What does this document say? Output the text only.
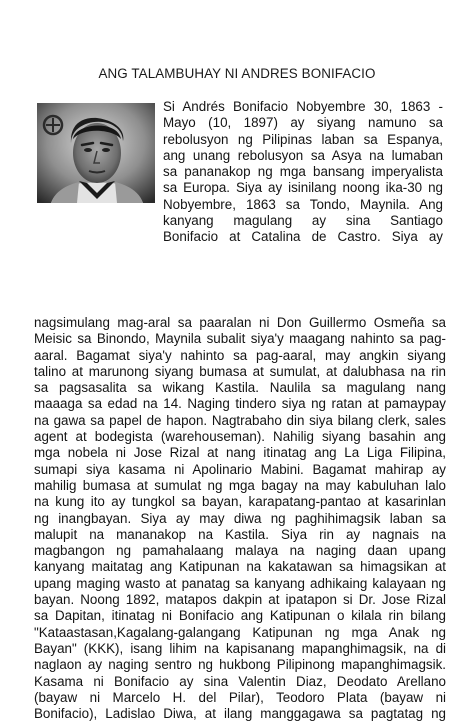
ANG TALAMBUHAY NI ANDRES BONIFACIO
Si Andrés Bonifacio Nobyembre 30, 1863 -
Mayo (10, 1897) ay siyang namuno sa
rebolusyon ng Pilipinas laban sa Espanya,
ang unang rebolusyon sa Asya na lumaban
sa pananakop ng mga bansang imperyalista
sa Europa. Siya ay isinilang noong ika-30 ng
Nobyembre, 1863 sa Tondo, Maynila. Ang
kanyang magulang ay sina Santiago
Bonifacio at Catalina de Castro. Siya ay
nagsimulang mag-aral sa paaralan ni Don Guillermo Osmeña sa
Meisic sa Binondo, Maynila subalit siya'y maagang nahinto sa pag-
aaral. Bagamat siya'y nahinto sa pag-aaral, may angkin siyang
talino at marunong siyang bumasa at sumulat, at dalubhasa na rin
sa pagsasalita sa wikang Kastila. Naulila sa magulang nang
maaaga sa edad na 14. Naging tindero siya ng ratan at pamaypay
na gawa sa papel de hapon. Nagtrabaho din siya bilang clerk, sales
agent at bodegista (warehouseman). Nahilig siyang basahin ang
mga nobela ni Jose Rizal at nang itinatag ang La Liga Filipina,
sumapi siya kasama ni Apolinario Mabini. Bagamat mahirap ay
mahilig bumasa at sumulat ng mga bagay na may kabuluhan lalo
na kung ito ay tungkol sa bayan, karapatang-pantao at kasarinlan
ng inangbayan. Siya ay may diwa ng paghihimagsik laban sa
malupit na mananakop na Kastila. Siya rin ay nagnais na
magbangon ng pamahalaang malaya na naging daan upang
kanyang maitatag ang Katipunan na kakatawan sa himagsikan at
upang maging wasto at panatag sa kanyang adhikaing kalayaan ng
bayan. Noong 1892, matapos dakpin at ipatapon si Dr. Jose Rizal
sa Dapitan, itinatag ni Bonifacio ang Katipunan o kilala rin bilang
"Kataastasan,Kagalang-galangang Katipunan ng mga Anak ng
Bayan" (KKK), isang lihim na kapisanang mapanghimagsik, na di
naglaon ay naging sentro ng hukbong Pilipinong mapanghimagsik.
Kasama ni Bonifacio ay sina Valentin Diaz, Deodato Arellano
(bayaw ni Marcelo H. del Pilar), Teodoro Plata (bayaw ni
Bonifacio), Ladislao Diwa, at ilang manggagawa sa pagtatag ng
